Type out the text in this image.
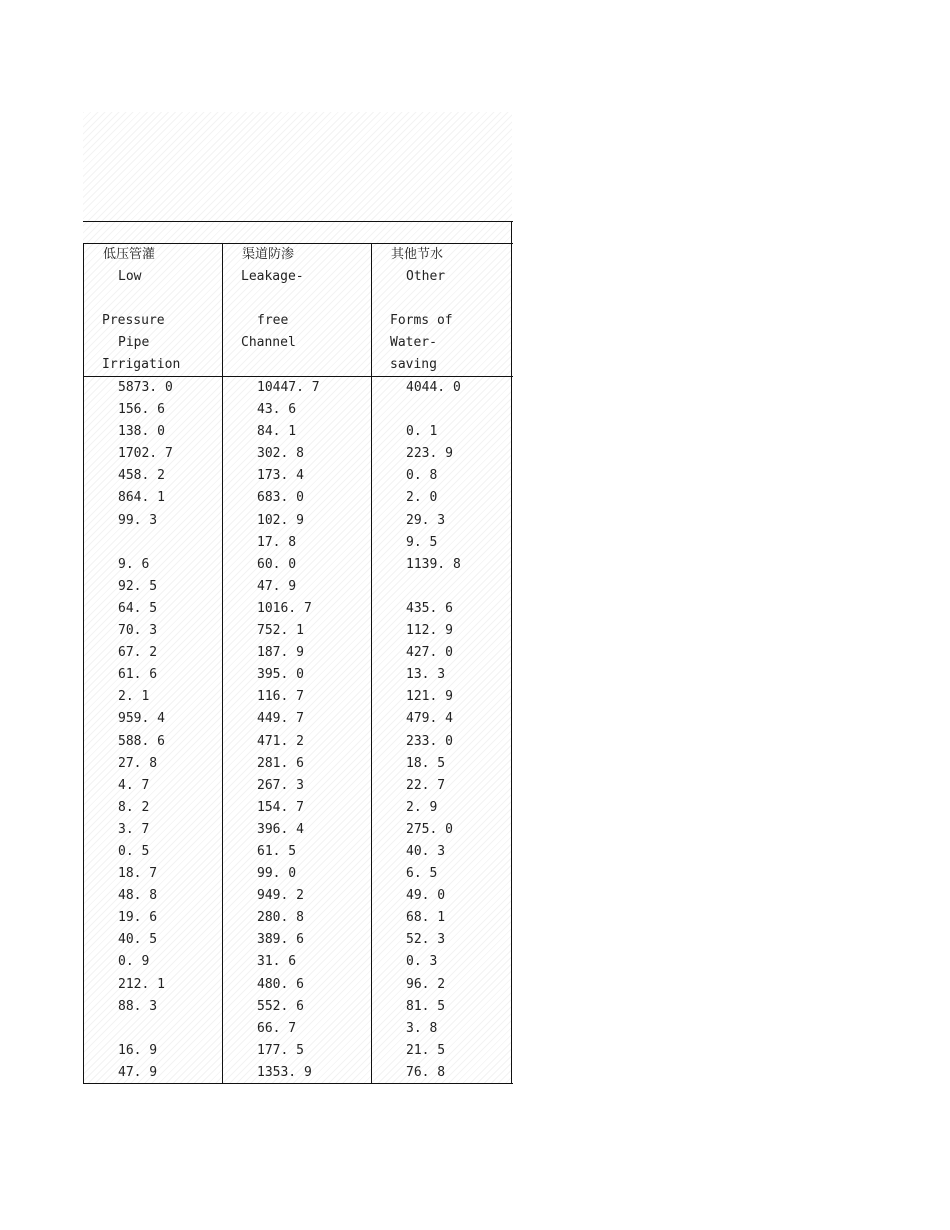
低压管灌
Low
Pressure
Pipe
Irrigation
渠道防渗
Leakage-
free
Channel
其他节水
Other
Forms of
Water-
saving
5873. 0
156. 6
138. 0
1702. 7
458. 2
864. 1
99. 3
9. 6
92. 5
64. 5
70. 3
67. 2
61. 6
2. 1
959. 4
588. 6
27. 8
4. 7
8. 2
3. 7
0. 5
18. 7
48. 8
19. 6
40. 5
0. 9
212. 1
88. 3
16. 9
47. 9
10447. 7
43. 6
84. 1
302. 8
173. 4
683. 0
102. 9
17. 8
60. 0
47. 9
1016. 7
752. 1
187. 9
395. 0
116. 7
449. 7
471. 2
281. 6
267. 3
154. 7
396. 4
61. 5
99. 0
949. 2
280. 8
389. 6
31. 6
480. 6
552. 6
66. 7
177. 5
1353. 9
4044. 0
0. 1
223. 9
0. 8
2. 0
29. 3
9. 5
1139. 8
435. 6
112. 9
427. 0
13. 3
121. 9
479. 4
233. 0
18. 5
22. 7
2. 9
275. 0
40. 3
6. 5
49. 0
68. 1
52. 3
0. 3
96. 2
81. 5
3. 8
21. 5
76. 8
